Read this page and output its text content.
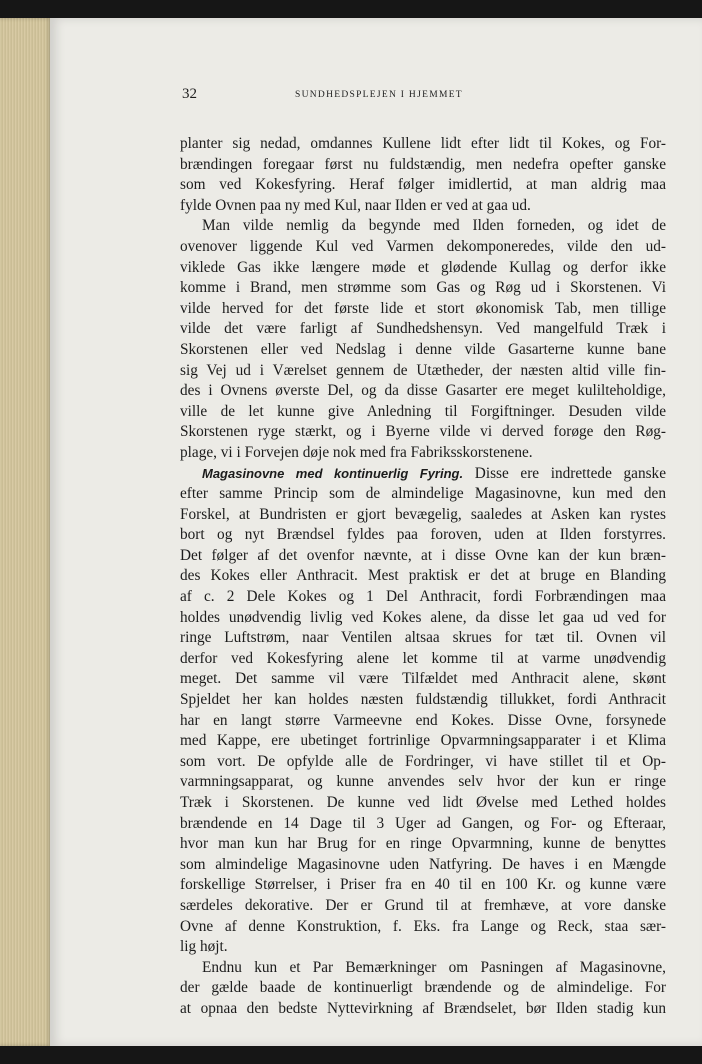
32	SUNDHEDSPLEJEN I HJEMMET
planter sig nedad, omdannes Kullene lidt efter lidt til Kokes, og For-
brændingen foregaar først nu fuldstændig, men nedefra opefter ganske
som ved Kokesfyring. Heraf følger imidlertid, at man aldrig maa
fylde Ovnen paa ny med Kul, naar Ilden er ved at gaa ud.
Man vilde nemlig da begynde med Ilden forneden, og idet de
ovenover liggende Kul ved Varmen dekomponeredes, vilde den ud-
viklede Gas ikke længere møde et glødende Kullag og derfor ikke
komme i Brand, men strømme som Gas og Røg ud i Skorstenen. Vi
vilde herved for det første lide et stort økonomisk Tab, men tillige
vilde det være farligt af Sundhedshensyn. Ved mangelfuld Træk i
Skorstenen eller ved Nedslag i denne vilde Gasarterne kunne bane
sig Vej ud i Værelset gennem de Utætheder, der næsten altid ville fin-
des i Ovnens øverste Del, og da disse Gasarter ere meget kulilteholdige,
ville de let kunne give Anledning til Forgiftninger. Desuden vilde
Skorstenen ryge stærkt, og i Byerne vilde vi derved forøge den Røg-
plage, vi i Forvejen døje nok med fra Fabriksskorstenene.
Magasinovne med kontinuerlig Fyring. Disse ere indrettede ganske
efter samme Princip som de almindelige Magasinovne, kun med den
Forskel, at Bundristen er gjort bevægelig, saaledes at Asken kan rystes
bort og nyt Brændsel fyldes paa foroven, uden at Ilden forstyrres.
Det følger af det ovenfor nævnte, at i disse Ovne kan der kun bræn-
des Kokes eller Anthracit. Mest praktisk er det at bruge en Blanding
af c. 2 Dele Kokes og 1 Del Anthracit, fordi Forbrændingen maa
holdes unødvendig livlig ved Kokes alene, da disse let gaa ud ved for
ringe Luftstrøm, naar Ventilen altsaa skrues for tæt til. Ovnen vil
derfor ved Kokesfyring alene let komme til at varme unødvendig
meget. Det samme vil være Tilfældet med Anthracit alene, skønt
Spjeldet her kan holdes næsten fuldstændig tillukket, fordi Anthracit
har en langt større Varmeevne end Kokes. Disse Ovne, forsynede
med Kappe, ere ubetinget fortrinlige Opvarmningsapparater i et Klima
som vort. De opfylde alle de Fordringer, vi have stillet til et Op-
varmningsapparat, og kunne anvendes selv hvor der kun er ringe
Træk i Skorstenen. De kunne ved lidt Øvelse med Lethed holdes
brændende en 14 Dage til 3 Uger ad Gangen, og For- og Efteraar,
hvor man kun har Brug for en ringe Opvarmning, kunne de benyttes
som almindelige Magasinovne uden Natfyring. De haves i en Mængde
forskellige Størrelser, i Priser fra en 40 til en 100 Kr. og kunne være
særdeles dekorative. Der er Grund til at fremhæve, at vore danske
Ovne af denne Konstruktion, f. Eks. fra Lange og Reck, staa sær-
lig højt.
Endnu kun et Par Bemærkninger om Pasningen af Magasinovne,
der gælde baade de kontinuerligt brændende og de almindelige. For
at opnaa den bedste Nyttevirkning af Brændselet, bør Ilden stadig kun
